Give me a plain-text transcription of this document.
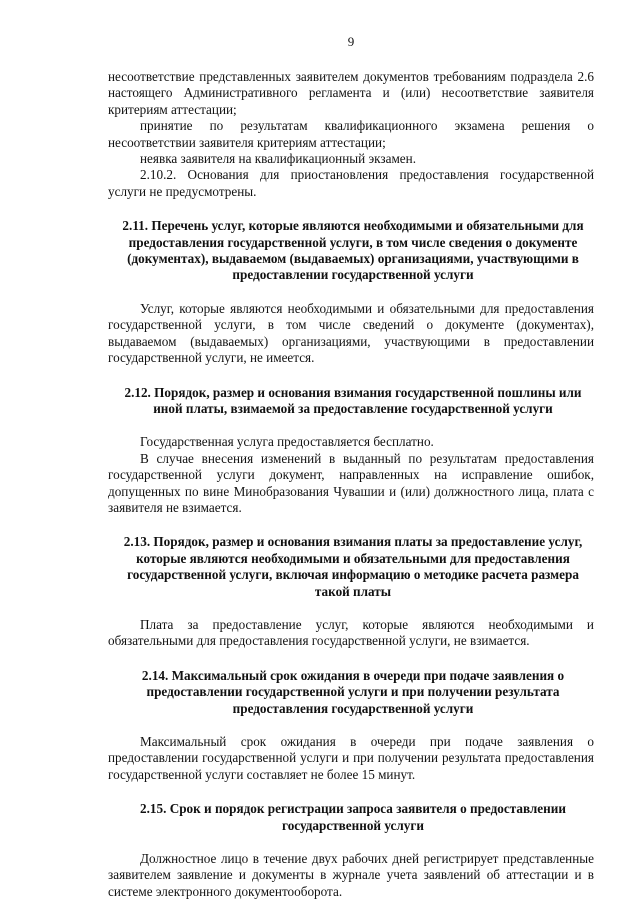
9

несоответствие представленных заявителем документов требованиям подраздела 2.6 настоящего Административного регламента и (или) несоответствие заявителя критериям аттестации;

принятие по результатам квалификационного экзамена решения о несоответствии заявителя критериям аттестации;

неявка заявителя на квалификационный экзамен.

2.10.2. Основания для приостановления предоставления государственной услуги не предусмотрены.

2.11. Перечень услуг, которые являются необходимыми и обязательными для предоставления государственной услуги, в том числе сведения о документе (документах), выдаваемом (выдаваемых) организациями, участвующими в предоставлении государственной услуги

Услуг, которые являются необходимыми и обязательными для предоставления государственной услуги, в том числе сведений о документе (документах), выдаваемом (выдаваемых) организациями, участвующими в предоставлении государственной услуги, не имеется.

2.12. Порядок, размер и основания взимания государственной пошлины или иной платы, взимаемой за предоставление государственной услуги

Государственная услуга предоставляется бесплатно.

В случае внесения изменений в выданный по результатам предоставления государственной услуги документ, направленных на исправление ошибок, допущенных по вине Минобразования Чувашии и (или) должностного лица, плата с заявителя не взимается.

2.13. Порядок, размер и основания взимания платы за предоставление услуг, которые являются необходимыми и обязательными для предоставления государственной услуги, включая информацию о методике расчета размера такой платы

Плата за предоставление услуг, которые являются необходимыми и обязательными для предоставления государственной услуги, не взимается.

2.14. Максимальный срок ожидания в очереди при подаче заявления о предоставлении государственной услуги и при получении результата предоставления государственной услуги

Максимальный срок ожидания в очереди при подаче заявления о предоставлении государственной услуги и при получении результата предоставления государственной услуги составляет не более 15 минут.

2.15. Срок и порядок регистрации запроса заявителя о предоставлении государственной услуги

Должностное лицо в течение двух рабочих дней регистрирует представленные заявителем заявление и документы в журнале учета заявлений об аттестации и в системе электронного документооборота.
